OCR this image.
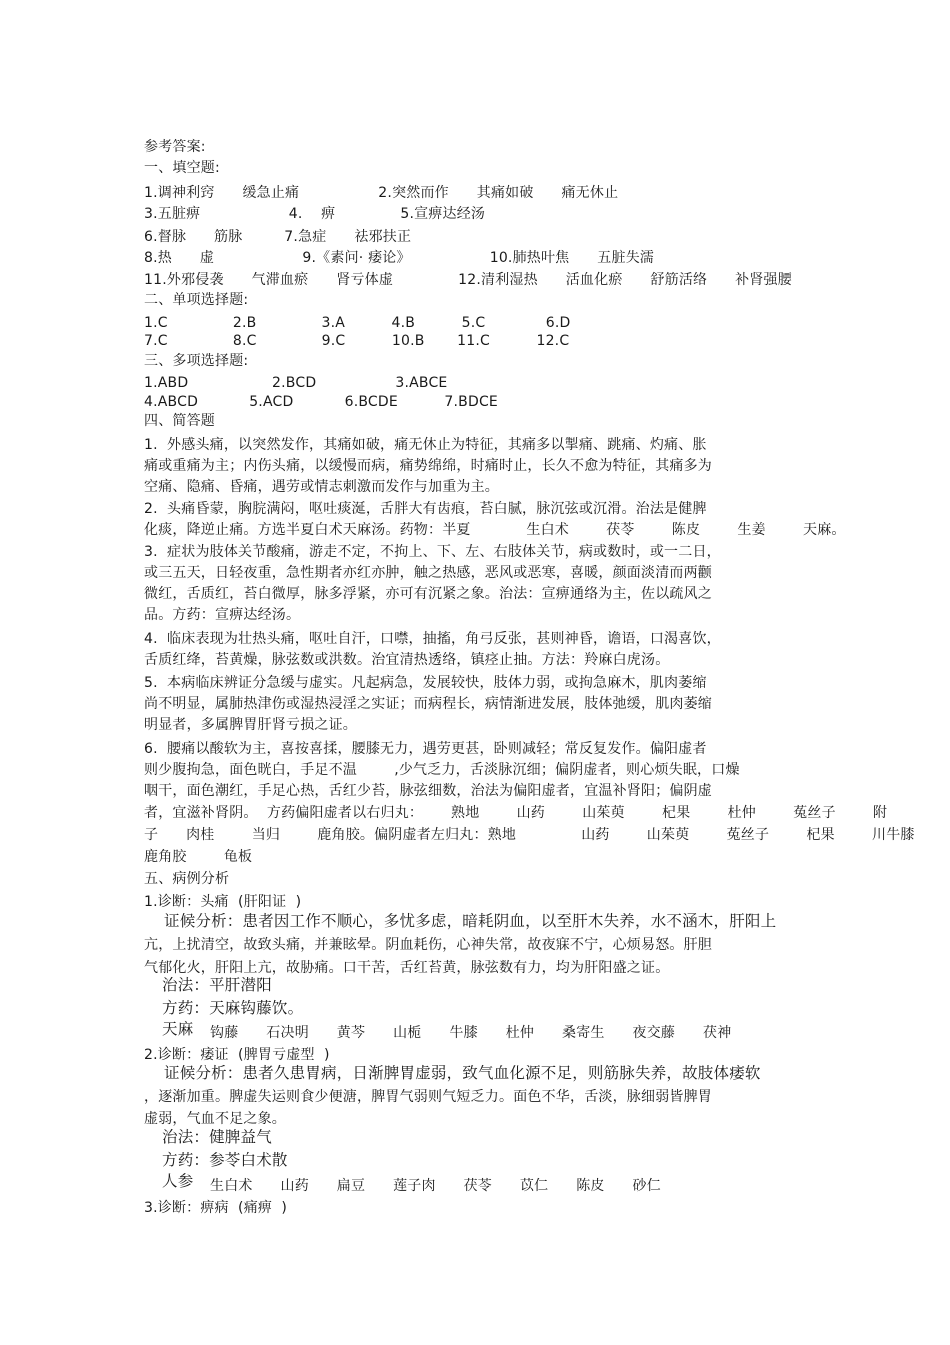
参考答案:
一、填空题:
1.调神利窍      缓急止痛                 2.突然而作      其痛如破      痛无休止
3.五脏痹                   4.    痹              5.宣痹达经汤
6.督脉      筋脉         7.急症      祛邪扶正
8.热      虚                   9.《素问· 痿论》                 10.肺热叶焦      五脏失濡
11.外邪侵袭      气滞血瘀      肾亏体虚              12.清利湿热      活血化瘀      舒筋活络      补肾强腰
二、单项选择题:
1.C              2.B              3.A          4.B          5.C             6.D
7.C              8.C              9.C          10.B       11.C          12.C
三、多项选择题:
1.ABD                  2.BCD                 3.ABCE
4.ABCD           5.ACD           6.BCDE          7.BDCE
四、简答题
1.  外感头痛，以突然发作，其痛如破，痛无休止为特征，其痛多以掣痛、跳痛、灼痛、胀
痛或重痛为主；内伤头痛，以缓慢而病，痛势绵绵，时痛时止，长久不愈为特征，其痛多为
空痛、隐痛、昏痛，遇劳或情志刺激而发作与加重为主。
2.  头痛昏蒙，胸脘满闷，呕吐痰涎，舌胖大有齿痕，苔白腻，脉沉弦或沉滑。治法是健脾
化痰，降逆止痛。方选半夏白术天麻汤。药物：半夏            生白术        茯苓        陈皮        生姜        天麻。
3.  症状为肢体关节酸痛，游走不定，不拘上、下、左、右肢体关节，病或数时，或一二日，
或三五天，日轻夜重，急性期者亦红亦肿，触之热感，恶风或恶寒，喜暖，颜面淡清而两颧
微红，舌质红，苔白微厚，脉多浮紧，亦可有沉紧之象。治法：宣痹通络为主，佐以疏风之
品。方药：宣痹达经汤。
4.  临床表现为壮热头痛，呕吐自汗，口噤，抽搐，角弓反张，甚则神昏，谵语，口渴喜饮，
舌质红绛，苔黄燥，脉弦数或洪数。治宜清热透络，镇痉止抽。方法：羚麻白虎汤。
5.  本病临床辨证分急缓与虚实。凡起病急，发展较快，肢体力弱，或拘急麻木，肌肉萎缩
尚不明显，属肺热津伤或湿热浸淫之实证；而病程长，病情渐进发展，肢体弛缓，肌肉萎缩
明显者，多属脾胃肝肾亏损之证。
6.  腰痛以酸软为主，喜按喜揉，腰膝无力，遇劳更甚，卧则减轻；常反复发作。偏阳虚者
则少腹拘急，面色晄白，手足不温        ,少气乏力，舌淡脉沉细；偏阴虚者，则心烦失眠，口燥
咽干，面色潮红，手足心热，舌红少苔，脉弦细数，治法为偏阳虚者，宜温补肾阳；偏阴虚
者，宜滋补肾阴。  方药偏阳虚者以右归丸：      熟地        山药        山茱萸        杞果        杜仲        菟丝子        附
子      肉桂        当归        鹿角胶。偏阴虚者左归丸：熟地              山药        山茱萸        菟丝子        杞果        川牛膝
鹿角胶        龟板
五、病例分析
1.诊断：头痛  (肝阳证  )
证候分析：患者因工作不顺心，多忧多虑，暗耗阴血，以至肝木失养，水不涵木，肝阳上
亢，上扰清空，故致头痛，并兼眩晕。阴血耗伤，心神失常，故夜寐不宁，心烦易怒。肝胆
气郁化火，肝阳上亢，故胁痛。口干苦，舌红苔黄，脉弦数有力，均为肝阳盛之证。
治法：平肝潜阳
方药：天麻钩藤饮。
天麻 钩藤      石决明      黄芩      山栀      牛膝      杜仲      桑寄生      夜交藤      茯神
2.诊断：痿证  (脾胃亏虚型  )
证候分析：患者久患胃病，日渐脾胃虚弱，致气血化源不足，则筋脉失养，故肢体痿软
，逐渐加重。脾虚失运则食少便溏，脾胃气弱则气短乏力。面色不华，舌淡，脉细弱皆脾胃
虚弱，气血不足之象。
治法：健脾益气
方药：参苓白术散
人参 生白术      山药      扁豆      莲子肉      茯苓      苡仁      陈皮      砂仁
3.诊断：痹病  (痛痹  )
